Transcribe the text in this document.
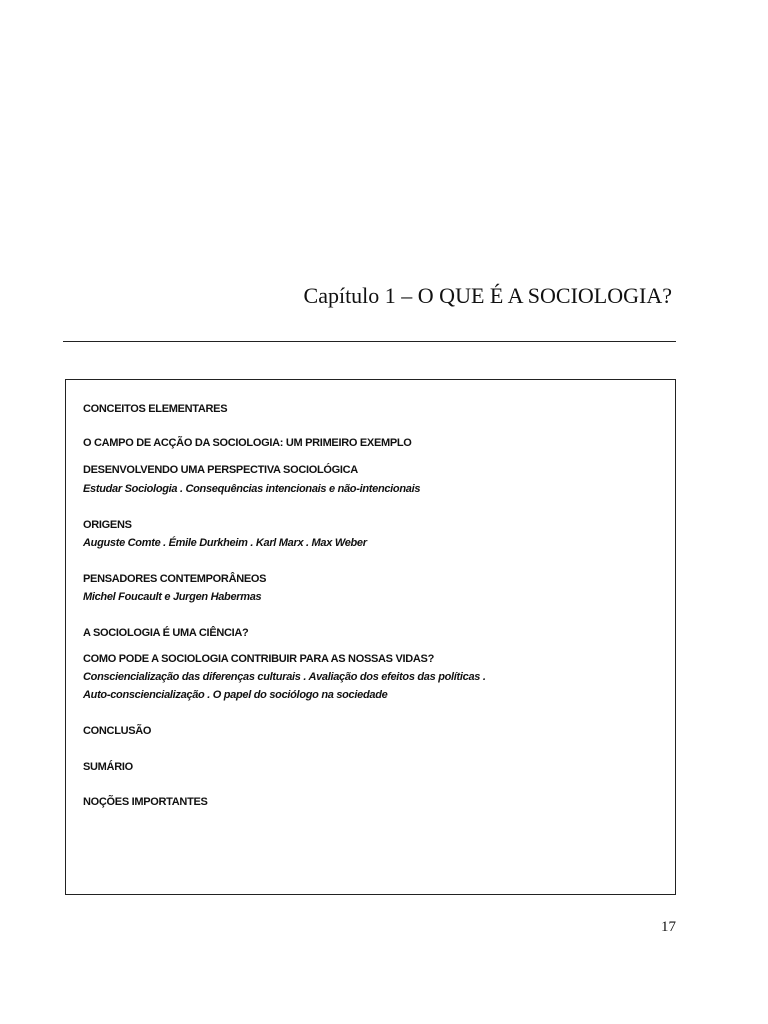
Capítulo 1 – O QUE É A SOCIOLOGIA?
CONCEITOS ELEMENTARES
O CAMPO DE ACÇÃO DA SOCIOLOGIA: UM PRIMEIRO EXEMPLO
DESENVOLVENDO UMA PERSPECTIVA SOCIOLÓGICA
Estudar Sociologia . Consequências intencionais e não-intencionais
ORIGENS
Auguste Comte . Émile Durkheim . Karl Marx . Max Weber
PENSADORES CONTEMPORÂNEOS
Michel Foucault e Jurgen Habermas
A SOCIOLOGIA É UMA CIÊNCIA?
COMO PODE A SOCIOLOGIA CONTRIBUIR PARA AS NOSSAS VIDAS?
Consciencialização das diferenças culturais . Avaliação dos efeitos das políticas .
Auto-consciencialização . O papel do sociólogo na sociedade
CONCLUSÃO
SUMÁRIO
NOÇÕES IMPORTANTES
17
